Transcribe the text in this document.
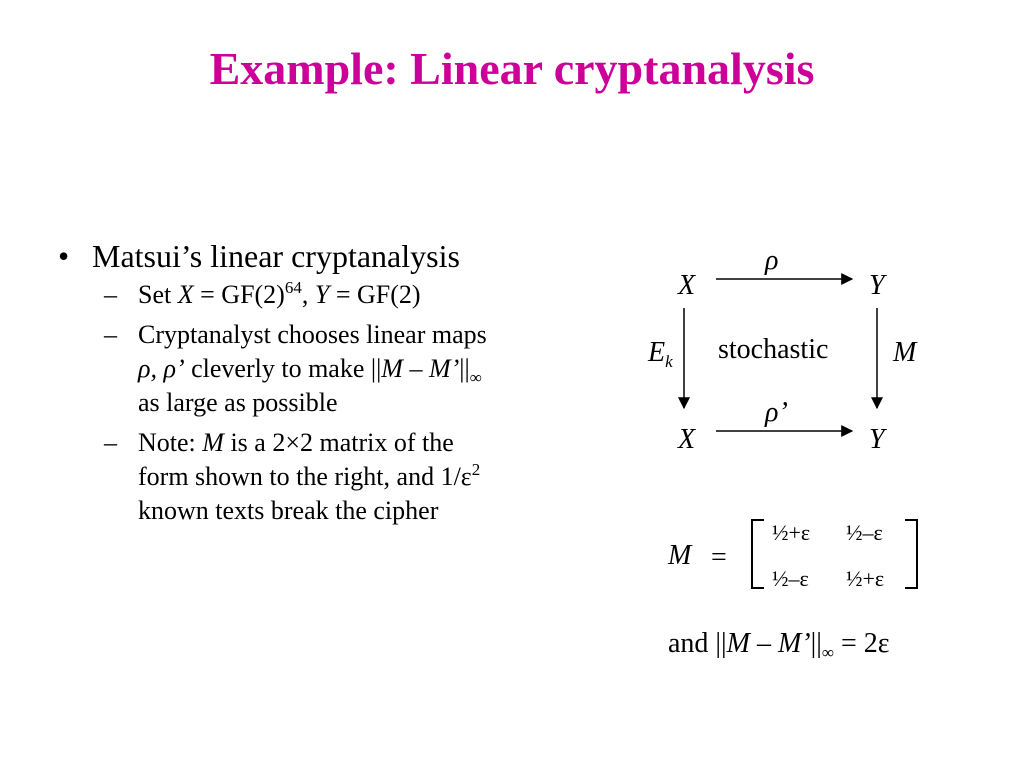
Example: Linear cryptanalysis
• Matsui’s linear cryptanalysis
– Set $X = GF(2)^{64}$, Y = GF(2)
– Cryptanalyst chooses linear maps
ρ, ρ’ cleverly to make $||M - M’||_\infty$
as large as possible
– Note: M is a 2×2 matrix of the
form shown to the right, and $1/\varepsilon^2$
known texts break the cipher
ρ
X	Y
$E_k$ stochastic M
ρ’
X	Y
M =
½+ε ½–ε
½–ε ½+ε
and $||M - M’||_\infty = 2\varepsilon$
